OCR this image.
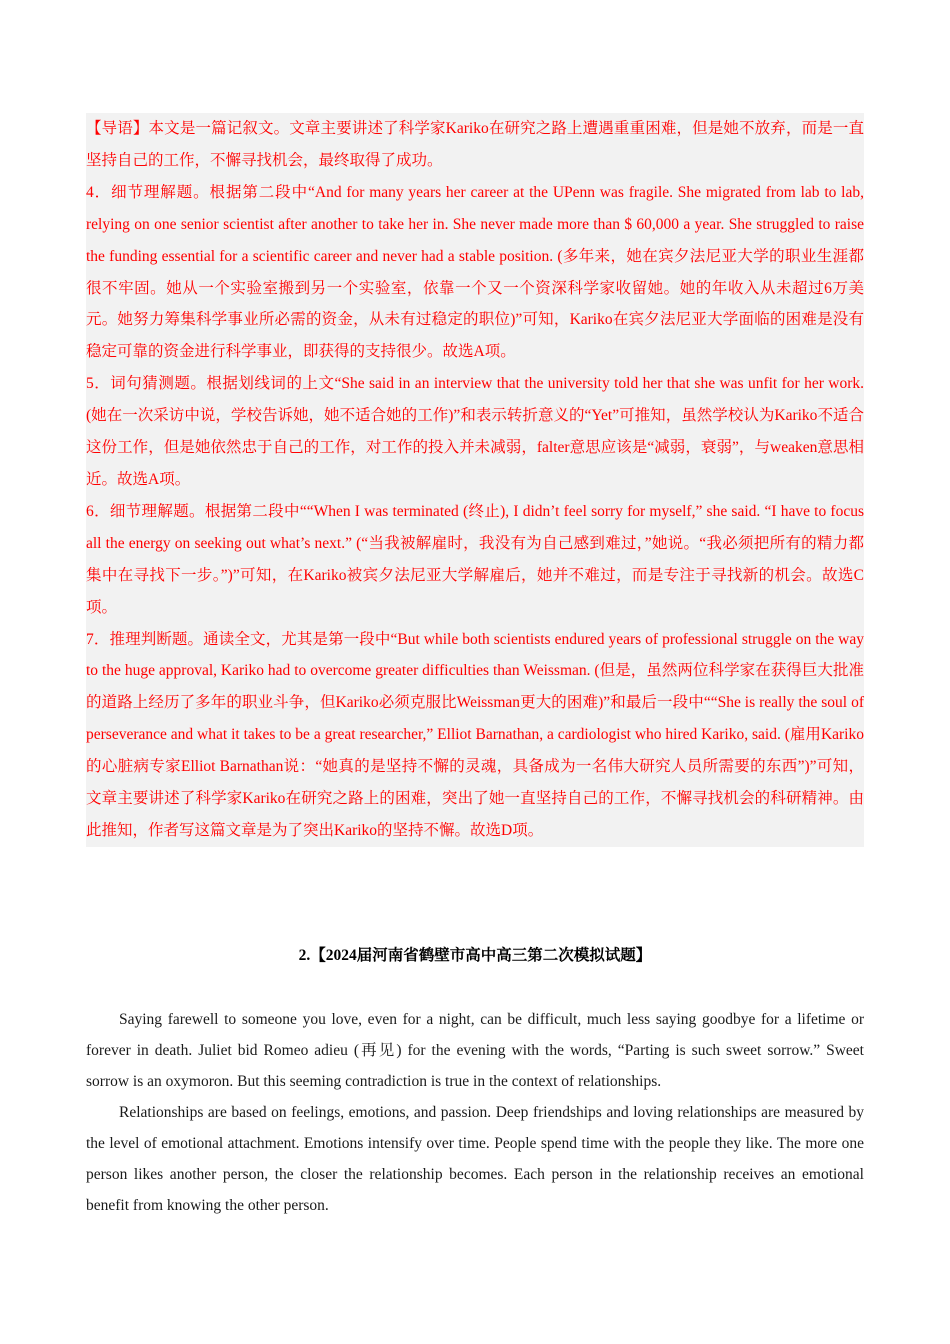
【导语】本文是一篇记叙文。文章主要讲述了科学家Kariko在研究之路上遭遇重重困难，但是她不放弃，而是一直坚持自己的工作，不懈寻找机会，最终取得了成功。

4．细节理解题。根据第二段中“And for many years her career at the UPenn was fragile. She migrated from lab to lab, relying on one senior scientist after another to take her in. She never made more than $ 60,000 a year. She struggled to raise the funding essential for a scientific career and never had a stable position. (多年来，她在宾夕法尼亚大学的职业生涯都很不牢固。她从一个实验室搬到另一个实验室，依靠一个又一个资深科学家收留她。她的年收入从未超过6万美元。她努力筹集科学事业所必需的资金，从未有过稳定的职位)”可知，Kariko在宾夕法尼亚大学面临的困难是没有稳定可靠的资金进行科学事业，即获得的支持很少。故选A项。

5．词句猜测题。根据划线词的上文“She said in an interview that the university told her that she was unfit for her work. (她在一次采访中说，学校告诉她，她不适合她的工作)”和表示转折意义的“Yet”可推知，虽然学校认为Kariko不适合这份工作，但是她依然忠于自己的工作，对工作的投入并未减弱，falter意思应该是“减弱，衰弱”，与weaken意思相近。故选A项。

6．细节理解题。根据第二段中““When I was terminated (终止), I didn’t feel sorry for myself,” she said. “I have to focus all the energy on seeking out what’s next.” (“当我被解雇时，我没有为自己感到难过，”她说。“我必须把所有的精力都集中在寻找下一步。”)”可知，在Kariko被宾夕法尼亚大学解雇后，她并不难过，而是专注于寻找新的机会。故选C项。

7．推理判断题。通读全文，尤其是第一段中“But while both scientists endured years of professional struggle on the way to the huge approval, Kariko had to overcome greater difficulties than Weissman. (但是，虽然两位科学家在获得巨大批准的道路上经历了多年的职业斗争，但Kariko必须克服比Weissman更大的困难)”和最后一段中““She is really the soul of perseverance and what it takes to be a great researcher,” Elliot Barnathan, a cardiologist who hired Kariko, said. (雇用Kariko的心脏病专家Elliot Barnathan说：“她真的是坚持不懈的灵魂，具备成为一名伟大研究人员所需要的东西”)”可知，文章主要讲述了科学家Kariko在研究之路上的困难，突出了她一直坚持自己的工作，不懈寻找机会的科研精神。由此推知，作者写这篇文章是为了突出Kariko的坚持不懈。故选D项。

2.【2024届河南省鹤壁市高中高三第二次模拟试题】

Saying farewell to someone you love, even for a night, can be difficult, much less saying goodbye for a lifetime or forever in death. Juliet bid Romeo adieu (再见) for the evening with the words, “Parting is such sweet sorrow.” Sweet sorrow is an oxymoron. But this seeming contradiction is true in the context of relationships.

Relationships are based on feelings, emotions, and passion. Deep friendships and loving relationships are measured by the level of emotional attachment. Emotions intensify over time. People spend time with the people they like. The more one person likes another person, the closer the relationship becomes. Each person in the relationship receives an emotional benefit from knowing the other person.
